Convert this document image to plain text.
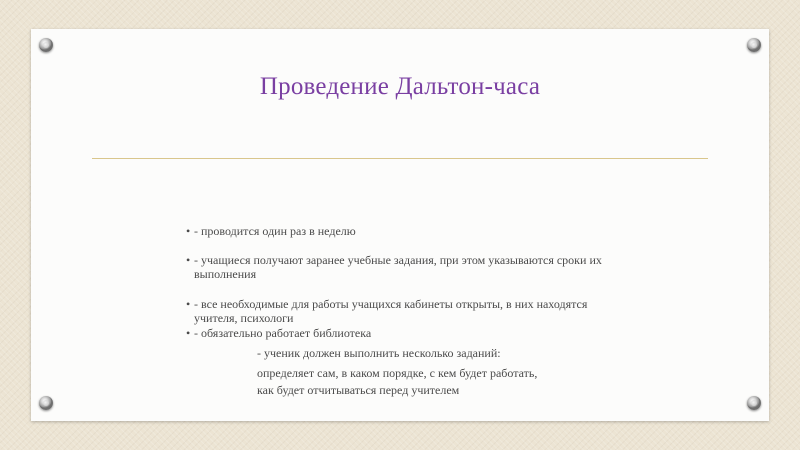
Проведение Дальтон-часа

• - проводится один раз в неделю

• - учащиеся получают заранее учебные задания, при этом указываются сроки их выполнения

• - все необходимые для работы учащихся кабинеты открыты, в них находятся учителя, психологи

• - обязательно работает библиотека

- ученик должен выполнить несколько заданий:

определяет сам, в каком порядке, с кем будет работать,

как будет отчитываться перед учителем
